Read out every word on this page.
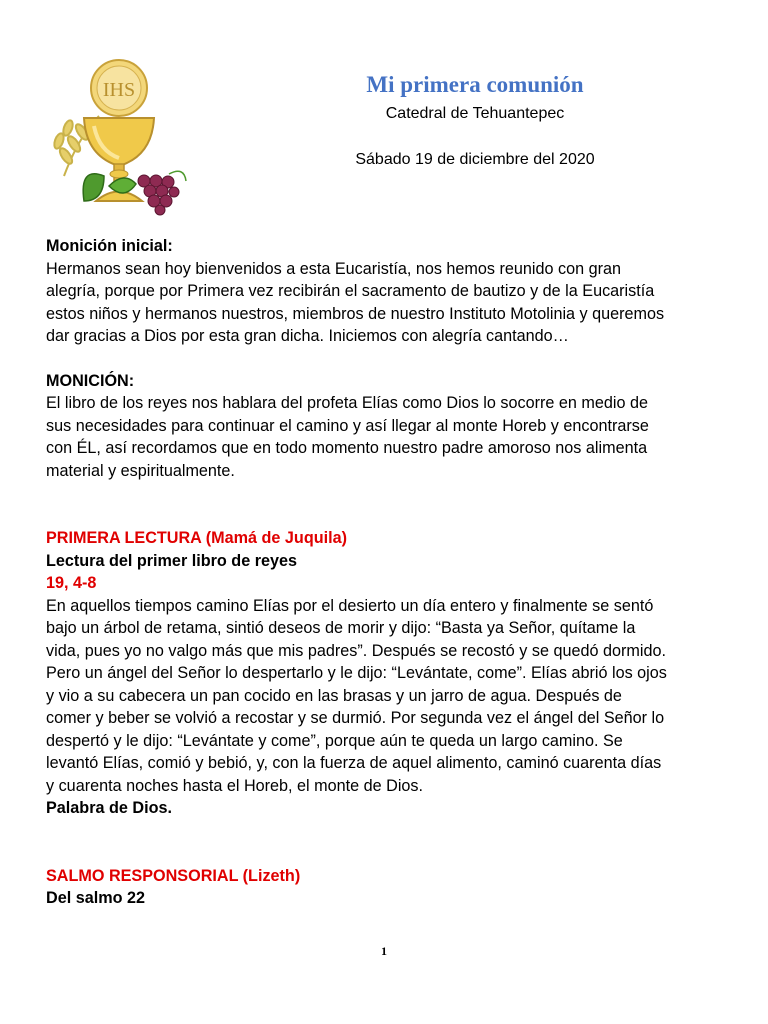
IHS	Mi primera comunión
Catedral de Tehuantepec
Sábado 19 de diciembre del 2020
Monición inicial:
Hermanos sean hoy bienvenidos a esta Eucaristía, nos hemos reunido con gran
alegría, porque por Primera vez recibirán el sacramento de bautizo y de la Eucaristía
estos niños y hermanos nuestros, miembros de nuestro Instituto Motolinia y queremos
dar gracias a Dios por esta gran dicha. Iniciemos con alegría cantando…
MONICIÓN:
El libro de los reyes nos hablara del profeta Elías como Dios lo socorre en medio de
sus necesidades para continuar el camino y así llegar al monte Horeb y encontrarse
con ÉL, así recordamos que en todo momento nuestro padre amoroso nos alimenta
material y espiritualmente.
PRIMERA LECTURA (Mamá de Juquila)
Lectura del primer libro de reyes
19, 4-8
En aquellos tiempos camino Elías por el desierto un día entero y finalmente se sentó
bajo un árbol de retama, sintió deseos de morir y dijo: “Basta ya Señor, quítame la
vida, pues yo no valgo más que mis padres”. Después se recostó y se quedó dormido.
Pero un ángel del Señor lo despertarlo y le dijo: “Levántate, come”. Elías abrió los ojos
y vio a su cabecera un pan cocido en las brasas y un jarro de agua. Después de
comer y beber se volvió a recostar y se durmió. Por segunda vez el ángel del Señor lo
despertó y le dijo: “Levántate y come”, porque aún te queda un largo camino. Se
levantó Elías, comió y bebió, y, con la fuerza de aquel alimento, caminó cuarenta días
y cuarenta noches hasta el Horeb, el monte de Dios.
Palabra de Dios.
SALMO RESPONSORIAL (Lizeth)
Del salmo 22
1
